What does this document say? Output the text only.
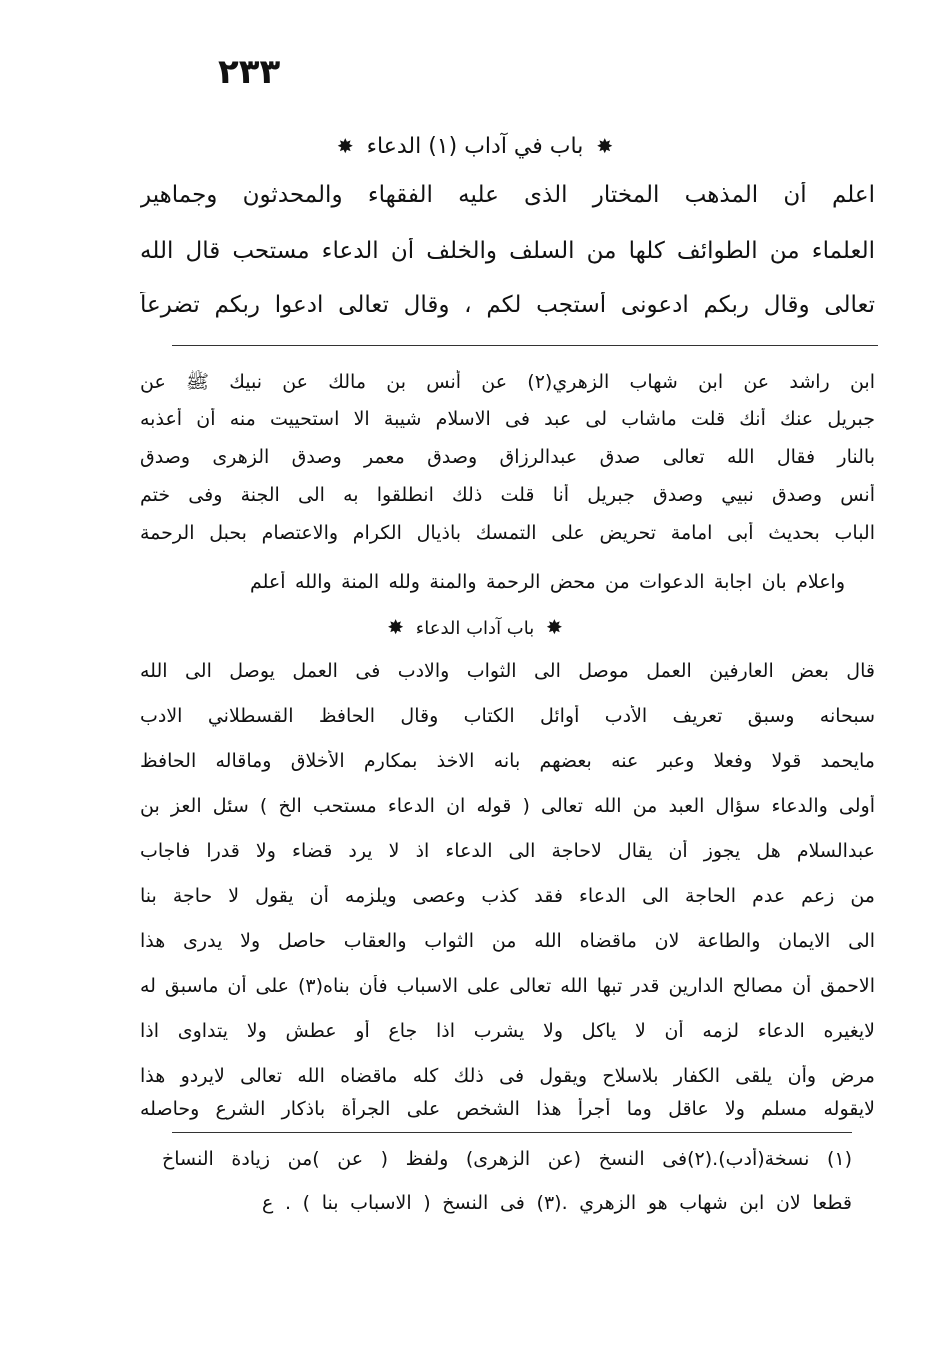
٢٣٣
✸ باب في آداب (١) الدعاء ✸
اعلم أن المذهب المختار الذى عليه الفقهاء والمحدثون وجماهير
العلماء من الطوائف كلها من السلف والخلف أن الدعاء مستحب قال الله
تعالى وقال ربكم ادعونى أستجب لكم ، وقال تعالى ادعوا ربكم تضرعاً
ابن راشد عن ابن شهاب الزهري(٢) عن أنس بن مالك عن نبيك ﷺ عن
جبريل عنك أنك قلت ماشاب لى عبد فى الاسلام شيبة الا استحييت منه أن أعذبه
بالنار فقال الله تعالى صدق عبدالرزاق وصدق معمر وصدق الزهرى وصدق
أنس وصدق نبيي وصدق جبريل أنا قلت ذلك انطلقوا به الى الجنة وفى ختم
الباب بحديث أبى امامة تحريض على التمسك باذيال الكرام والاعتصام بحبل الرحمة
واعلام بان اجابة الدعوات من محض الرحمة والمنة ولله المنة والله أعلم
✸ باب آداب الدعاء ✸
قال بعض العارفين العمل موصل الى الثواب والادب فى العمل يوصل الى الله
سبحانه وسبق تعريف الأدب أوائل الكتاب وقال الحافظ القسطلاني الادب
مايحمد قولا وفعلا وعبر عنه بعضهم بانه الاخذ بمكارم الأخلاق وماقاله الحافظ
أولى والدعاء سؤال العبد من الله تعالى ( قوله ان الدعاء مستحب الخ ) سئل العز بن
عبدالسلام هل يجوز أن يقال لاحاجة الى الدعاء اذ لا يرد قضاء ولا قدرا فاجاب
من زعم عدم الحاجة الى الدعاء فقد كذب وعصى ويلزمه أن يقول لا حاجة بنا
الى الايمان والطاعة لان ماقضاه الله من الثواب والعقاب حاصل ولا يدرى هذا
الاحمق أن مصالح الدارين قدر تبها الله تعالى على الاسباب فأن بناه(٣) على أن ماسبق له
لايغيره الدعاء لزمه أن لا ياكل ولا يشرب اذا جاع أو عطش ولا يتداوى اذا
مرض وأن يلقى الكفار بلاسلاح ويقول فى ذلك كله ماقضاه الله تعالى لايردو هذا
لايقوله مسلم ولا عاقل وما أجرأ هذا الشخص على الجرأة باذكار الشرع وحاصله
(١) نسخة(أدب).(٢)فى النسخ (عن الزهرى) ولفظ ( عن )من زيادة النساخ
قطعا لان ابن شهاب هو الزهري .(٣) فى النسخ ( الاسباب بنا ) . ع
